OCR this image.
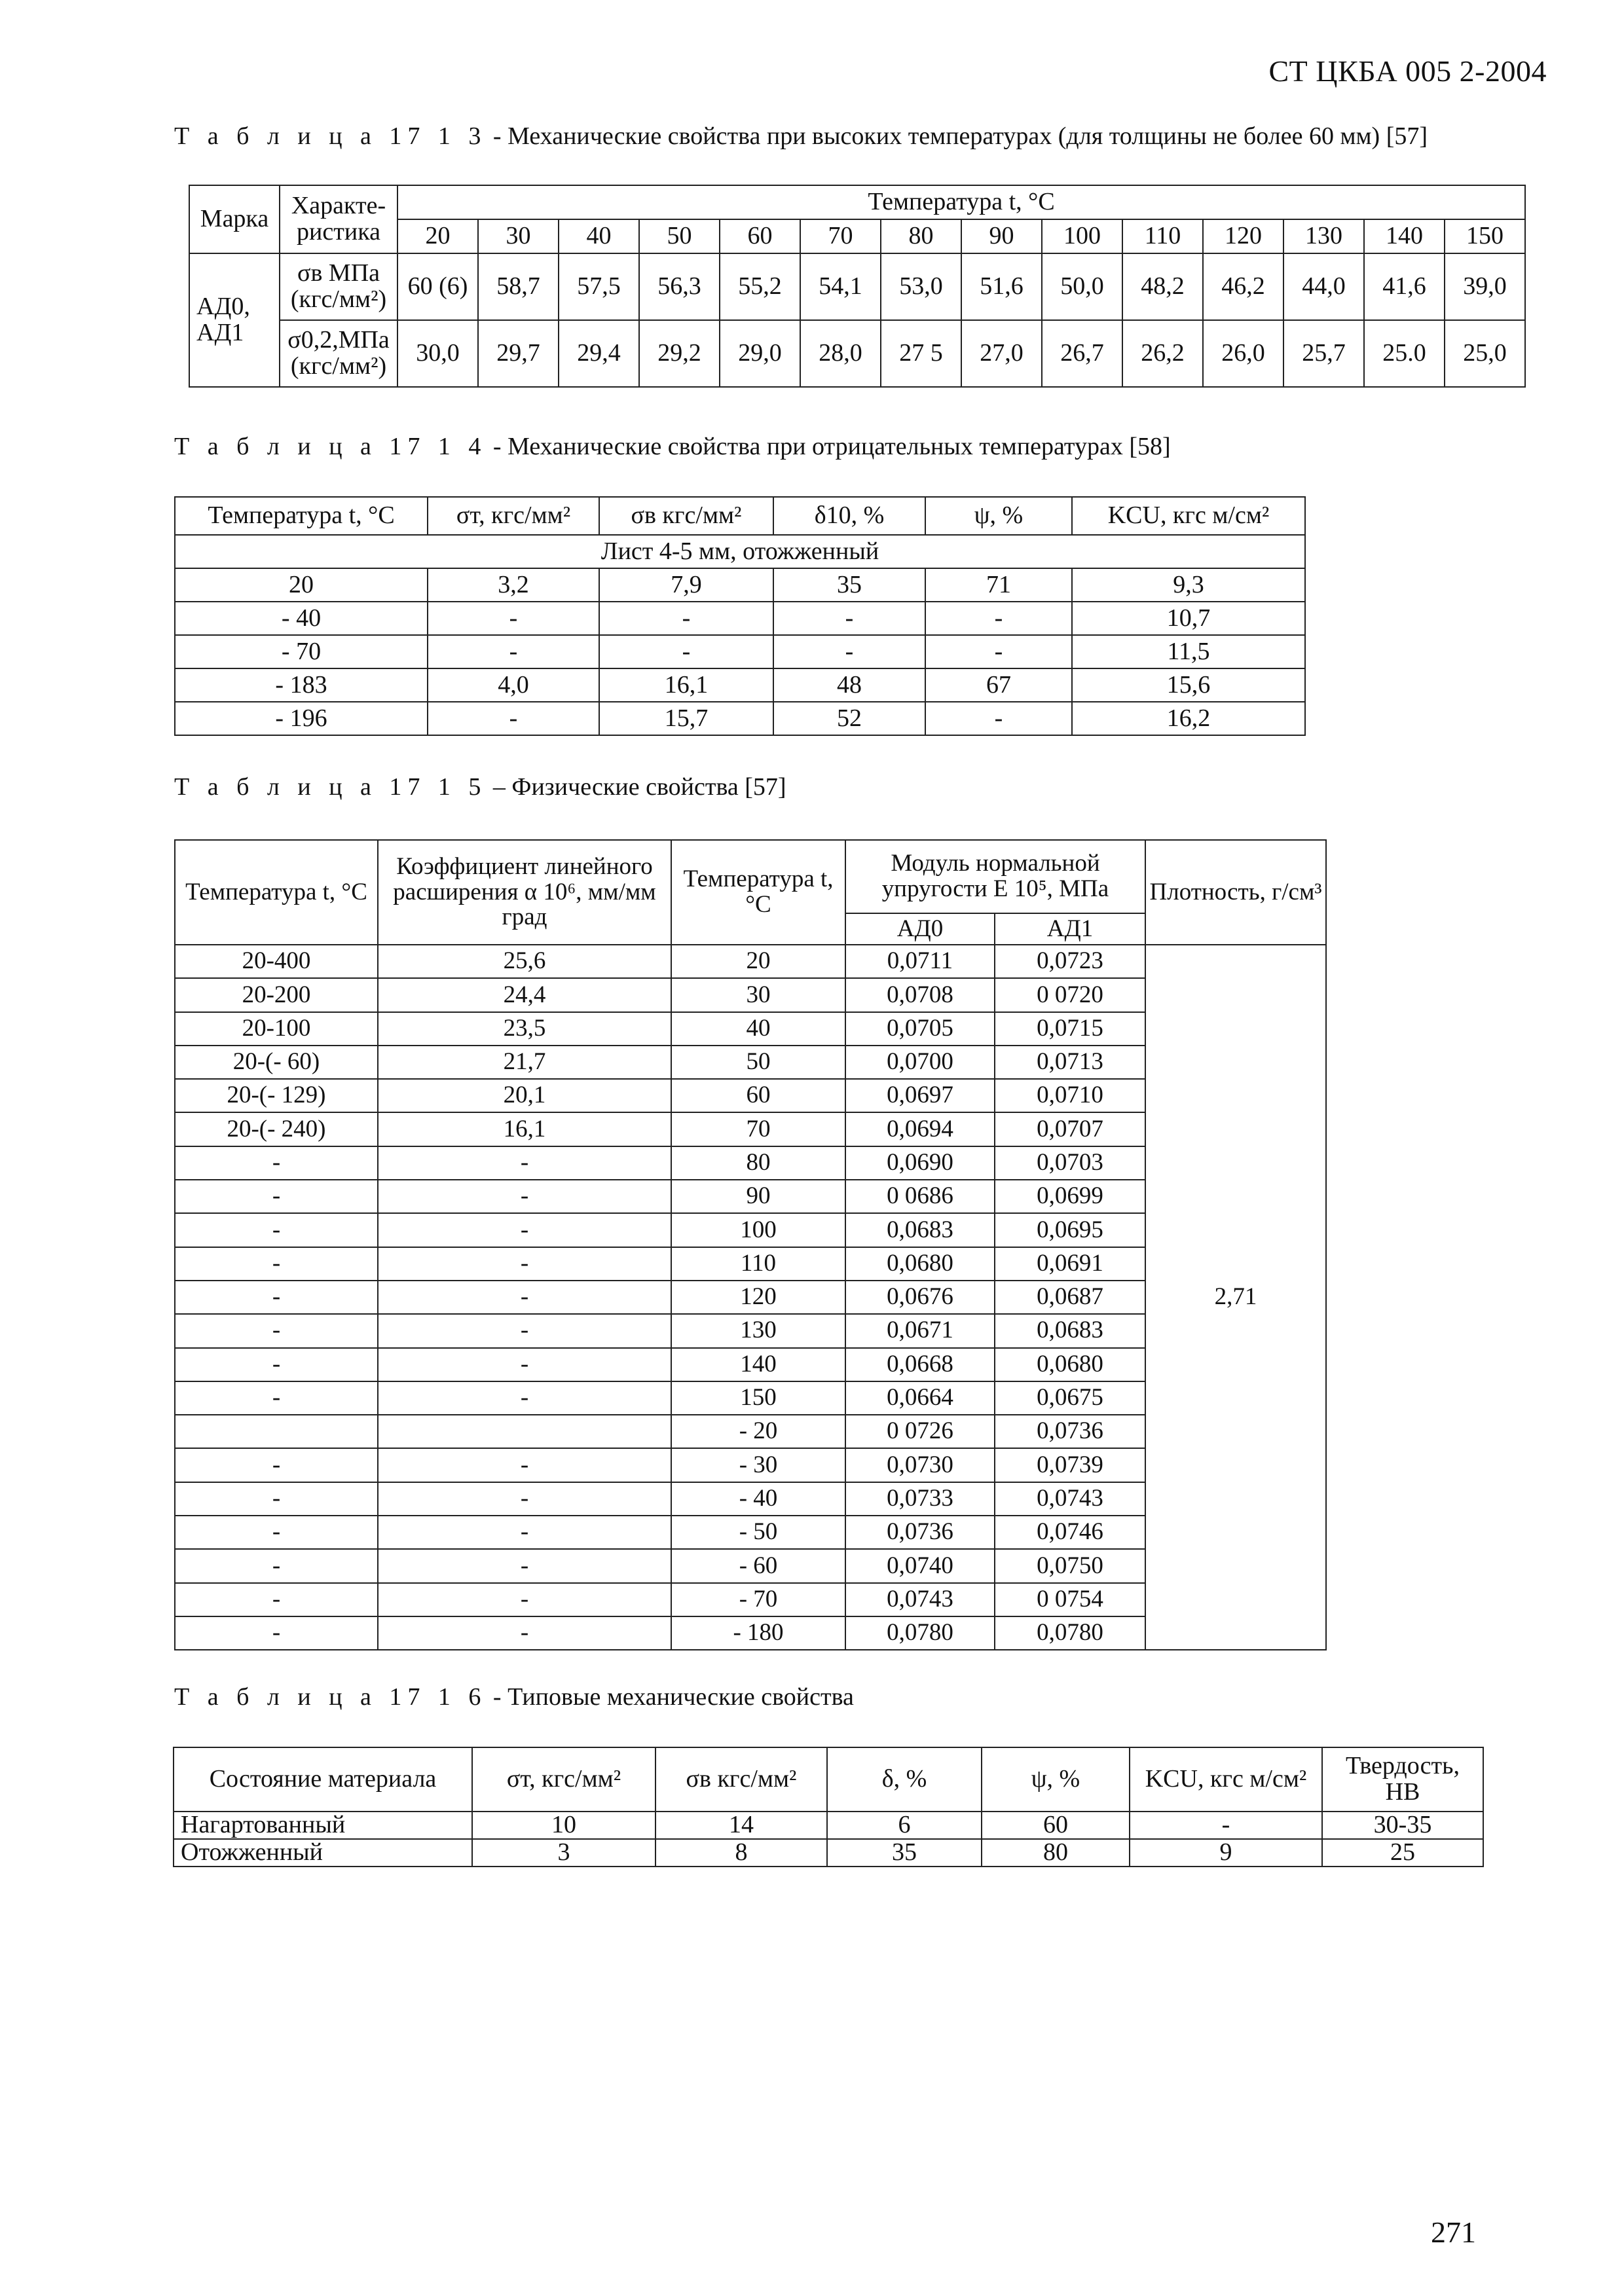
СТ ЦКБА 005 2-2004
Т а б л и ц а 17 1 3 - Механические свойства при высоких температурах (для толщины не более 60 мм) [57]
Марка	Характе- ристика	Температура t, °С													
		20	30	40	50	60	70	80	90	100	110	120	130	140	150
АД0, АД1	σв МПа (кгс/мм²)	60 (6)	58,7	57,5	56,3	55,2	54,1	53,0	51,6	50,0	48,2	46,2	44,0	41,6	39,0
	σ0,2,МПа (кгс/мм²)	30,0	29,7	29,4	29,2	29,0	28,0	27 5	27,0	26,7	26,2	26,0	25,7	25.0	25,0
Т а б л и ц а 17 1 4 - Механические свойства при отрицательных температурах [58]
Температура t, °С	σт, кгс/мм²	σв кгс/мм²	δ10, %	ψ, %	KCU, кгс м/см²
Лист 4-5 мм, отожженный					
20	3,2	7,9	35	71	9,3
- 40	-	-	-	-	10,7
- 70	-	-	-	-	11,5
- 183	4,0	16,1	48	67	15,6
- 196	-	15,7	52	-	16,2
Т а б л и ц а 17 1 5 – Физические свойства [57]
Температура t, °С	Коэффициент линейного расширения α 10⁶, мм/мм град	Температура t, °С	Модуль нормальной упругости Е 10⁵, МПа		Плотность, г/см³
			АД0	АД1	
20-400	25,6	20	0,0711	0,0723	2,71
20-200	24,4	30	0,0708	0 0720	
20-100	23,5	40	0,0705	0,0715	
20-(- 60)	21,7	50	0,0700	0,0713	
20-(- 129)	20,1	60	0,0697	0,0710	
20-(- 240)	16,1	70	0,0694	0,0707	
-	-	80	0,0690	0,0703	
-	-	90	0 0686	0,0699	
-	-	100	0,0683	0,0695	
-	-	110	0,0680	0,0691	
-	-	120	0,0676	0,0687	
-	-	130	0,0671	0,0683	
-	-	140	0,0668	0,0680	
-	-	150	0,0664	0,0675	
		- 20	0 0726	0,0736	
-	-	- 30	0,0730	0,0739	
-	-	- 40	0,0733	0,0743	
-	-	- 50	0,0736	0,0746	
-	-	- 60	0,0740	0,0750	
-	-	- 70	0,0743	0 0754	
-	-	- 180	0,0780	0,0780	
Т а б л и ц а 17 1 6 - Типовые механические свойства
Состояние материала	σт, кгс/мм²	σв кгс/мм²	δ, %	ψ, %	KCU, кгс м/см²	Твердость, НВ
Нагартованный	10	14	6	60	-	30-35
Отожженный	3	8	35	80	9	25
271
